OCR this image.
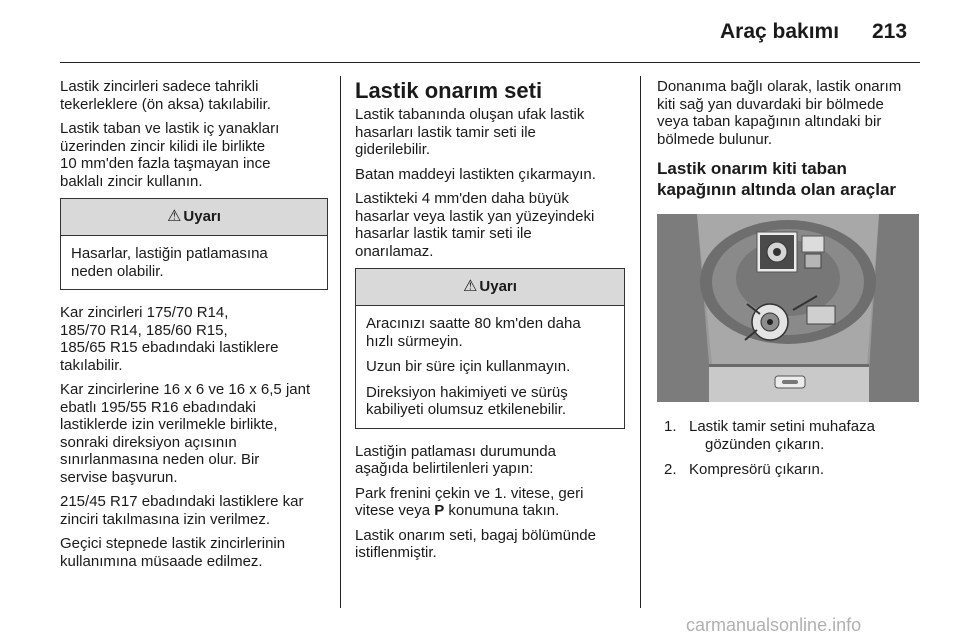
Araç bakımı 213

Lastik zincirleri sadece tahrikli
tekerleklere (ön aksa) takılabilir.

Lastik taban ve lastik iç yanakları
üzerinden zincir kilidi ile birlikte
10 mm'den fazla taşmayan ince
baklalı zincir kullanın.

⚠ Uyarı

Hasarlar, lastiğin patlamasına
neden olabilir.

Kar zincirleri 175/70 R14,
185/70 R14, 185/60 R15,
185/65 R15 ebadındaki lastiklere
takılabilir.

Kar zincirlerine 16 x 6 ve 16 x 6,5 jant
ebatlı 195/55 R16 ebadındaki
lastiklerde izin verilmekle birlikte,
sonraki direksiyon açısının
sınırlanmasına neden olur. Bir
servise başvurun.

215/45 R17 ebadındaki lastiklere kar
zinciri takılmasına izin verilmez.

Geçici stepnede lastik zincirlerinin
kullanımına müsaade edilmez.

Lastik onarım seti

Lastik tabanında oluşan ufak lastik
hasarları lastik tamir seti ile
giderilebilir.

Batan maddeyi lastikten çıkarmayın.

Lastikteki 4 mm'den daha büyük
hasarlar veya lastik yan yüzeyindeki
hasarlar lastik tamir seti ile
onarılamaz.

⚠ Uyarı

Aracınızı saatte 80 km'den daha
hızlı sürmeyin.

Uzun bir süre için kullanmayın.

Direksiyon hakimiyeti ve sürüş
kabiliyeti olumsuz etkilenebilir.

Lastiğin patlaması durumunda
aşağıda belirtilenleri yapın:

Park frenini çekin ve 1. vitese, geri
vitese veya P konumuna takın.

Lastik onarım seti, bagaj bölümünde
istiflenmiştir.

Donanıma bağlı olarak, lastik onarım
kiti sağ yan duvardaki bir bölmede
veya taban kapağının altındaki bir
bölmede bulunur.

Lastik onarım kiti taban
kapağının altında olan araçlar
1. Lastik tamir setini muhafaza
gözünden çıkarın.
2. Kompresörü çıkarın.
carmanualsonline.info
